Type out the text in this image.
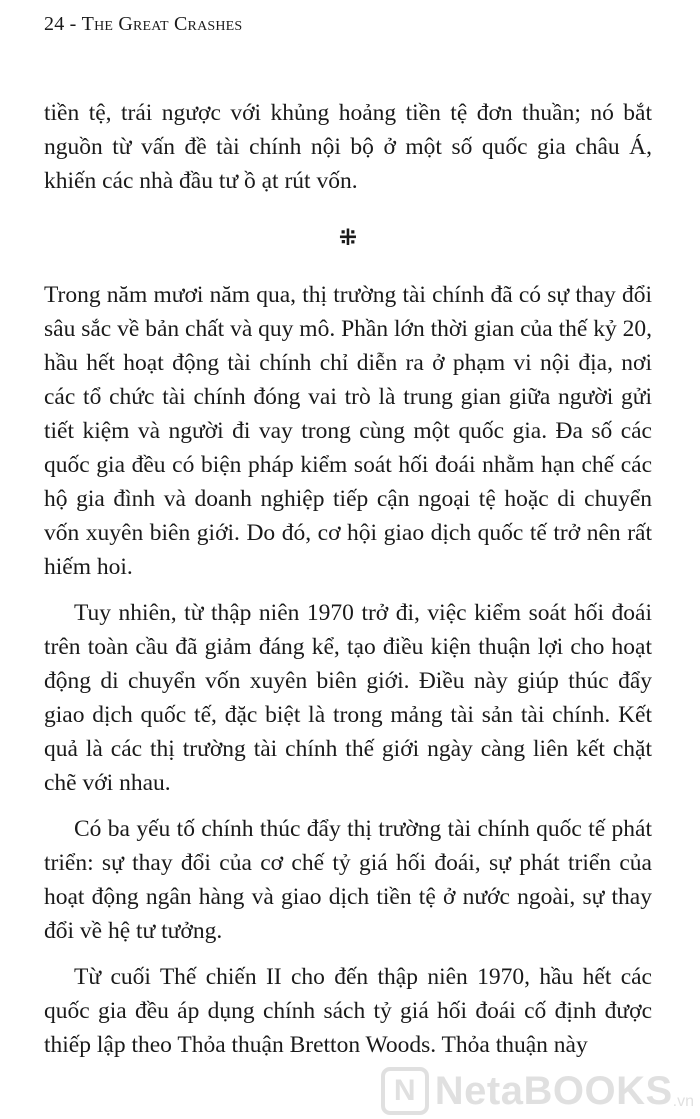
24 - The Great Crashes

tiền tệ, trái ngược với khủng hoảng tiền tệ đơn thuần; nó bắt nguồn từ vấn đề tài chính nội bộ ở một số quốc gia châu Á, khiến các nhà đầu tư ồ ạt rút vốn.

⁜

Trong năm mươi năm qua, thị trường tài chính đã có sự thay đổi sâu sắc về bản chất và quy mô. Phần lớn thời gian của thế kỷ 20, hầu hết hoạt động tài chính chỉ diễn ra ở phạm vi nội địa, nơi các tổ chức tài chính đóng vai trò là trung gian giữa người gửi tiết kiệm và người đi vay trong cùng một quốc gia. Đa số các quốc gia đều có biện pháp kiểm soát hối đoái nhằm hạn chế các hộ gia đình và doanh nghiệp tiếp cận ngoại tệ hoặc di chuyển vốn xuyên biên giới. Do đó, cơ hội giao dịch quốc tế trở nên rất hiếm hoi.

Tuy nhiên, từ thập niên 1970 trở đi, việc kiểm soát hối đoái trên toàn cầu đã giảm đáng kể, tạo điều kiện thuận lợi cho hoạt động di chuyển vốn xuyên biên giới. Điều này giúp thúc đẩy giao dịch quốc tế, đặc biệt là trong mảng tài sản tài chính. Kết quả là các thị trường tài chính thế giới ngày càng liên kết chặt chẽ với nhau.

Có ba yếu tố chính thúc đẩy thị trường tài chính quốc tế phát triển: sự thay đổi của cơ chế tỷ giá hối đoái, sự phát triển của hoạt động ngân hàng và giao dịch tiền tệ ở nước ngoài, sự thay đổi về hệ tư tưởng.

Từ cuối Thế chiến II cho đến thập niên 1970, hầu hết các quốc gia đều áp dụng chính sách tỷ giá hối đoái cố định được thiếp lập theo Thỏa thuận Bretton Woods. Thỏa thuận này

N NetaBOOKS .vn
